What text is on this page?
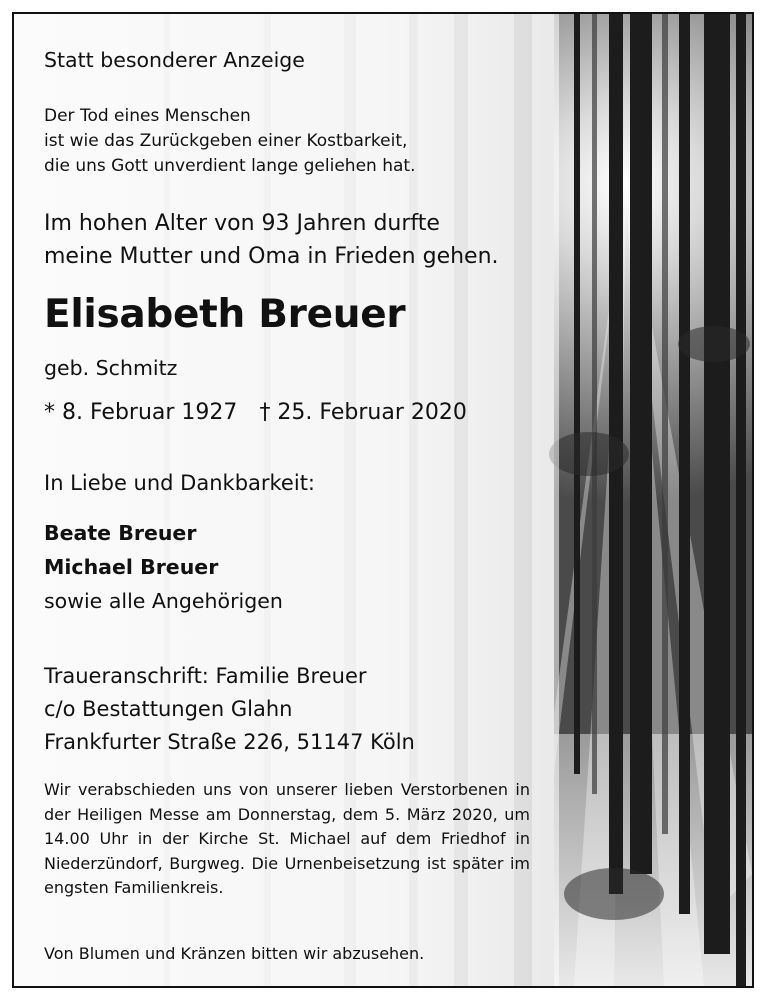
Statt besonderer Anzeige
Der Tod eines Menschen
ist wie das Zurückgeben einer Kostbarkeit,
die uns Gott unverdient lange geliehen hat.
Im hohen Alter von 93 Jahren durfte
meine Mutter und Oma in Frieden gehen.
Elisabeth Breuer
geb. Schmitz
* 8. Februar 1927 † 25. Februar 2020
In Liebe und Dankbarkeit:
Beate Breuer
Michael Breuer
sowie alle Angehörigen
Traueranschrift: Familie Breuer
c/o Bestattungen Glahn
Frankfurter Straße 226, 51147 Köln
Wir verabschieden uns von unserer lieben Verstorbenen in der Heiligen Messe am Donnerstag, dem 5. März 2020, um 14.00 Uhr in der Kirche St. Michael auf dem Friedhof in Niederzündorf, Burgweg. Die Urnenbeisetzung ist später im engsten Familienkreis.
Von Blumen und Kränzen bitten wir abzusehen.
